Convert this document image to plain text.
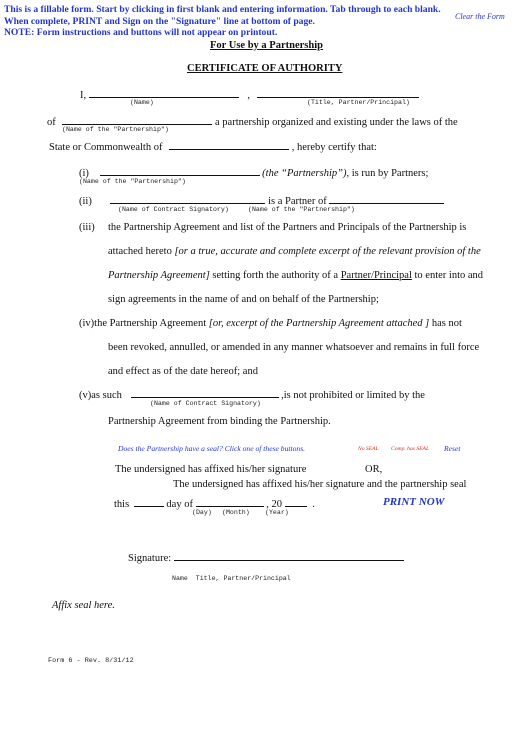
This is a fillable form. Start by clicking in first blank and entering information. Tab through to each blank.
When complete, PRINT and Sign on the "Signature" line at bottom of page.
NOTE: Form instructions and buttons will not appear on printout.
Clear the Form
For Use by a Partnership
CERTIFICATE OF AUTHORITY
I,	,
(Name)	(Title, Partner/Principal)
of	a partnership organized and existing under the laws of the
(Name of the "Partnership")
State or Commonwealth of	, hereby certify that:
(i)	(the “Partnership”), is run by Partners;
(Name of the "Partnership")
(ii)	is a Partner of
(Name of Contract Signatory)	(Name of the "Partnership")
(iii) the Partnership Agreement and list of the Partners and Principals of the Partnership is
attached hereto [or a true, accurate and complete excerpt of the relevant provision of the
Partnership Agreement] setting forth the authority of a Partner/Principal to enter into and
sign agreements in the name of and on behalf of the Partnership;
(iv)the Partnership Agreement [or, excerpt of the Partnership Agreement attached ] has not
been revoked, annulled, or amended in any manner whatsoever and remains in full force
and effect as of the date hereof; and
(v)as such	,is not prohibited or limited by the
(Name of Contract Signatory)
Partnership Agreement from binding the Partnership.
Does the Partnership have a seal? Click one of these buttons.	No SEAL Comp. has SEAL Reset
The undersigned has affixed his/her signature	OR,
The undersigned has affixed his/her signature and the partnership seal
this	day of	, 20	.
(Day) (Month) (Year)
PRINT NOW
Signature:
Name  Title, Partner/Principal
Affix seal here.
Form 6 - Rev. 8/31/12
